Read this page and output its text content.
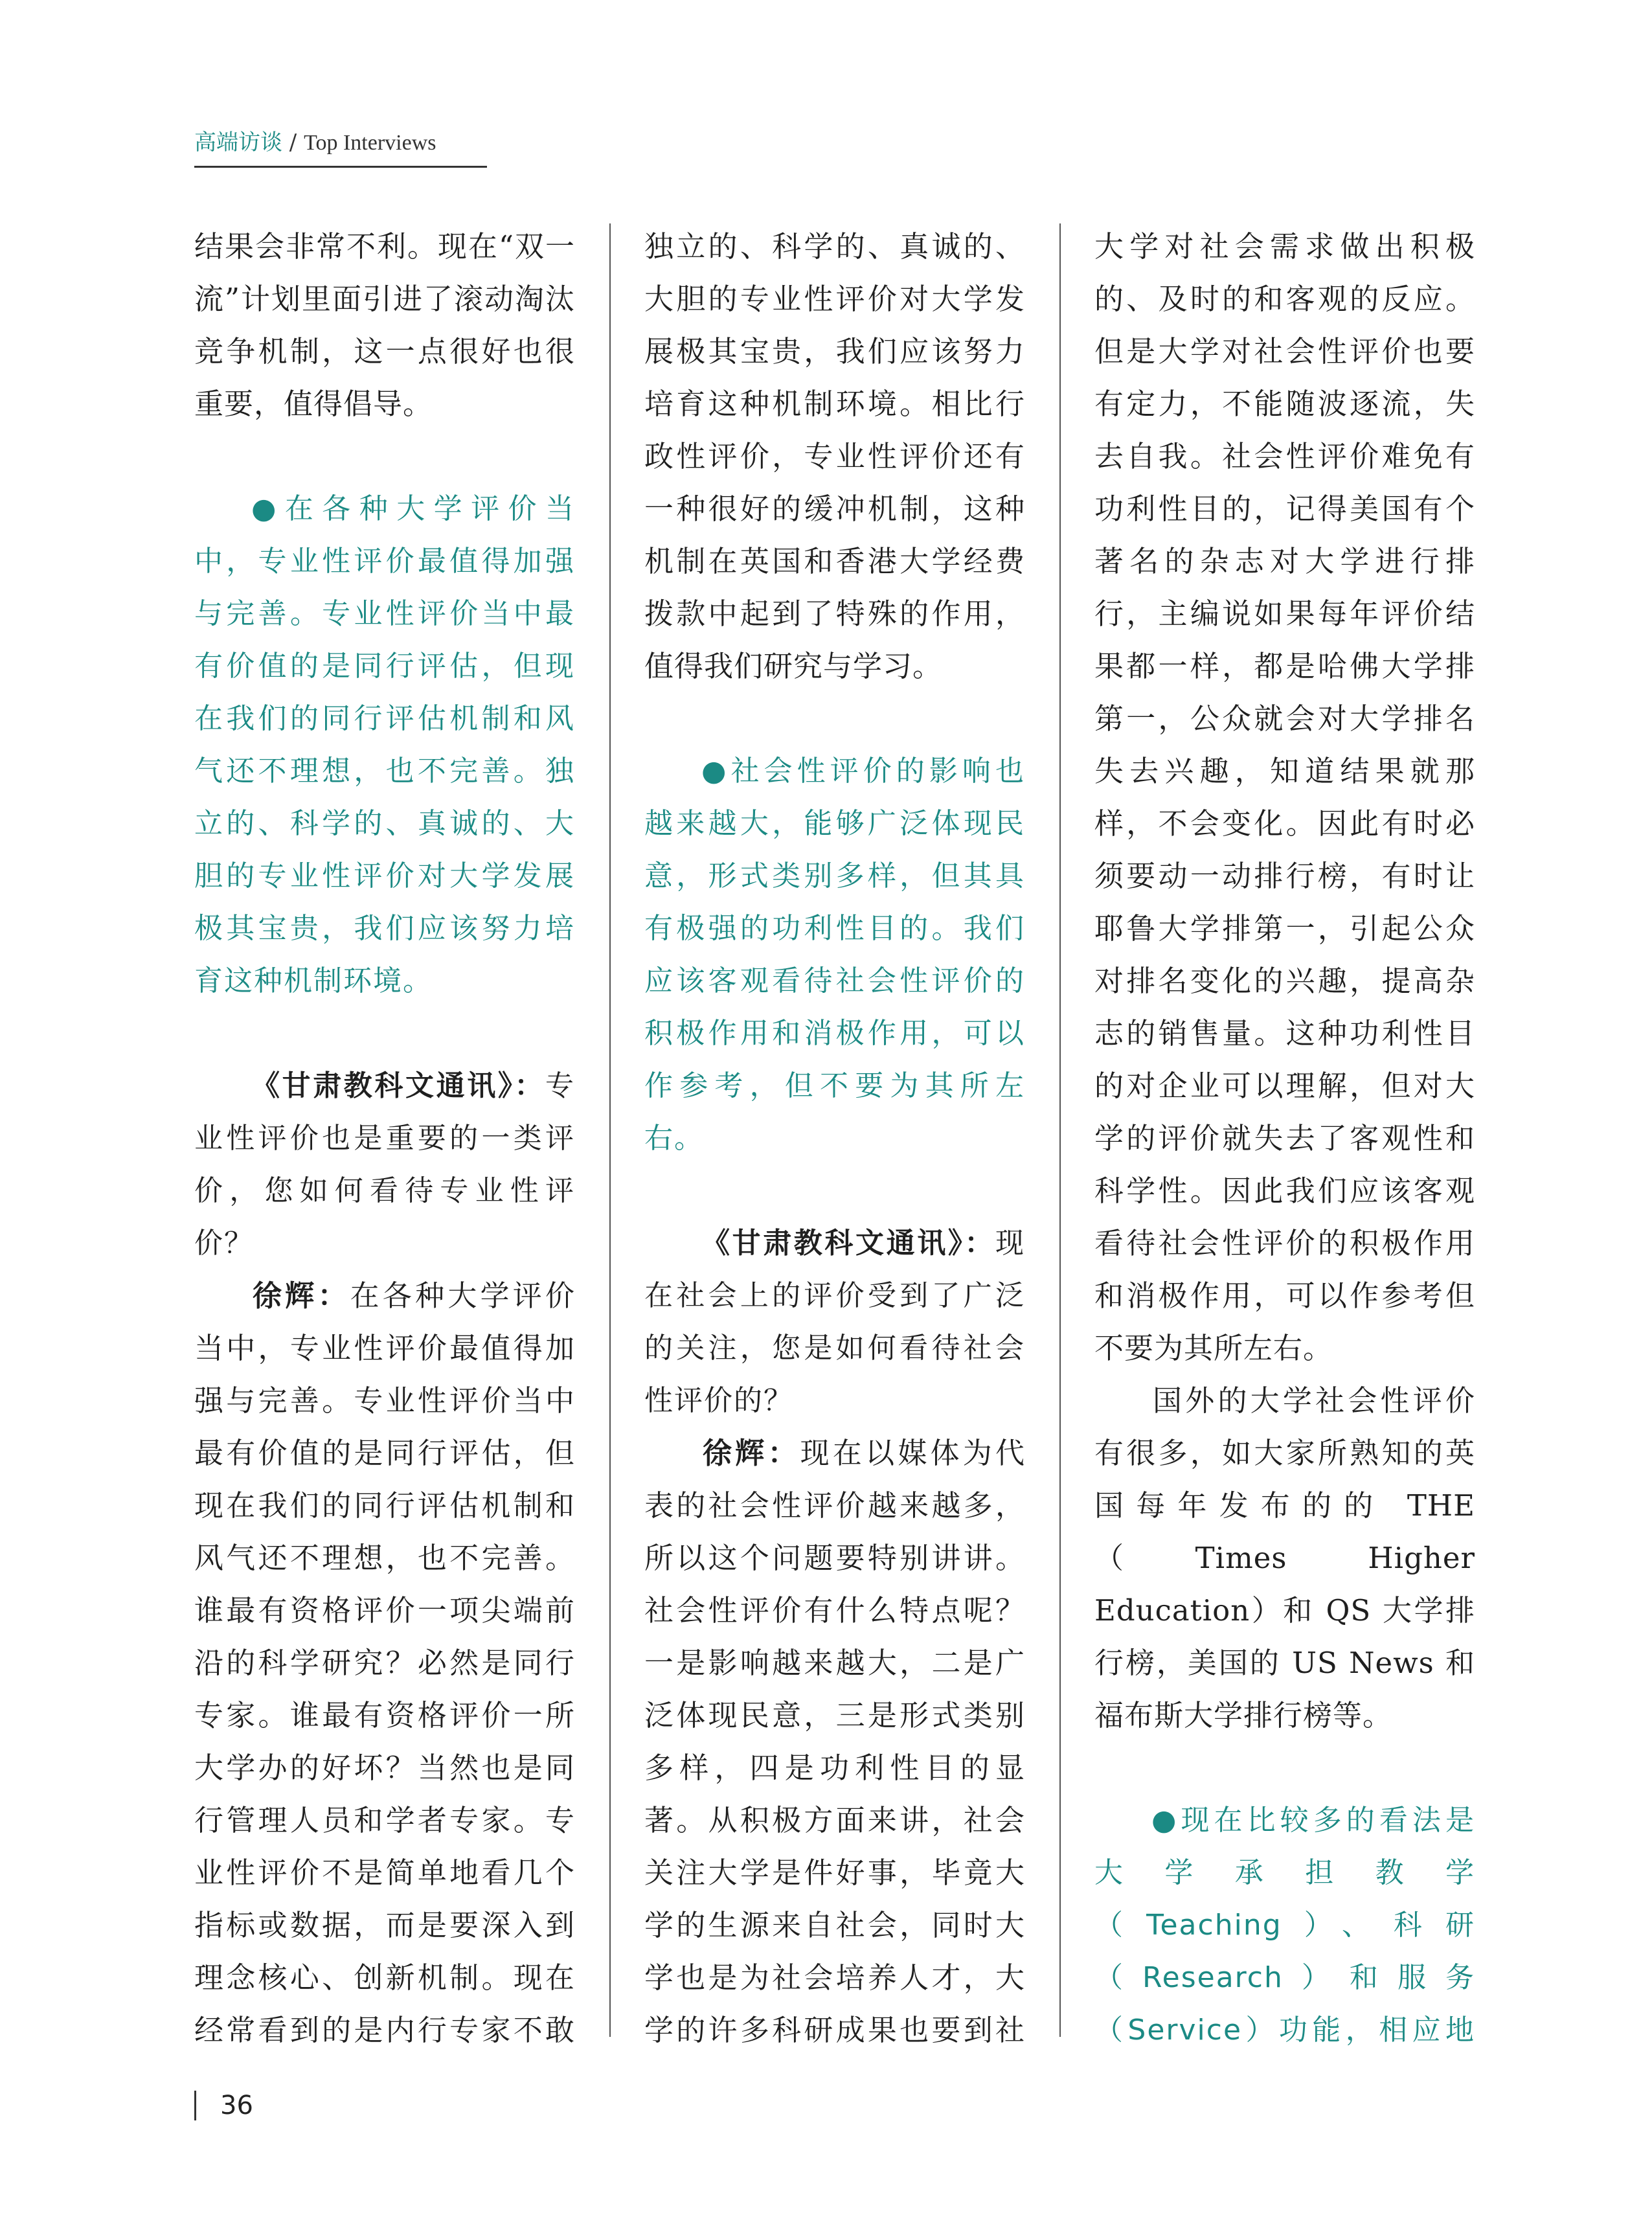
高端访谈 / Top Interviews

结果会非常不利。现在“双一流”计划里面引进了滚动淘汰竞争机制，这一点很好也很重要，值得倡导。

●在各种大学评价当中，专业性评价最值得加强与完善。专业性评价当中最有价值的是同行评估，但现在我们的同行评估机制和风气还不理想，也不完善。独立的、科学的、真诚的、大胆的专业性评价对大学发展极其宝贵，我们应该努力培育这种机制环境。

《甘肃教科文通讯》：专业性评价也是重要的一类评价，您如何看待专业性评价？

徐辉：在各种大学评价当中，专业性评价最值得加强与完善。专业性评价当中最有价值的是同行评估，但现在我们的同行评估机制和风气还不理想，也不完善。谁最有资格评价一项尖端前沿的科学研究？必然是同行专家。谁最有资格评价一所大学办的好坏？当然也是同行管理人员和学者专家。专业性评价不是简单地看几个指标或数据，而是要深入到理念核心、创新机制。现在经常看到的是内行专家不敢

独立的、科学的、真诚的、大胆的专业性评价对大学发展极其宝贵，我们应该努力培育这种机制环境。相比行政性评价，专业性评价还有一种很好的缓冲机制，这种机制在英国和香港大学经费拨款中起到了特殊的作用，值得我们研究与学习。

●社会性评价的影响也越来越大，能够广泛体现民意，形式类别多样，但其具有极强的功利性目的。我们应该客观看待社会性评价的积极作用和消极作用，可以作参考，但不要为其所左右。

《甘肃教科文通讯》：现在社会上的评价受到了广泛的关注，您是如何看待社会性评价的？

徐辉：现在以媒体为代表的社会性评价越来越多，所以这个问题要特别讲讲。社会性评价有什么特点呢？一是影响越来越大，二是广泛体现民意，三是形式类别多样，四是功利性目的显著。从积极方面来讲，社会关注大学是件好事，毕竟大学的生源来自社会，同时大学也是为社会培养人才，大学的许多科研成果也要到社

大学对社会需求做出积极的、及时的和客观的反应。但是大学对社会性评价也要有定力，不能随波逐流，失去自我。社会性评价难免有功利性目的，记得美国有个著名的杂志对大学进行排行，主编说如果每年评价结果都一样，都是哈佛大学排第一，公众就会对大学排名失去兴趣，知道结果就那样，不会变化。因此有时必须要动一动排行榜，有时让耶鲁大学排第一，引起公众对排名变化的兴趣，提高杂志的销售量。这种功利性目的对企业可以理解，但对大学的评价就失去了客观性和科学性。因此我们应该客观看待社会性评价的积极作用和消极作用，可以作参考但不要为其所左右。

国外的大学社会性评价有很多，如大家所熟知的英国每年发布的的 THE（Times Higher Education）和 QS 大学排行榜，美国的 US News 和福布斯大学排行榜等。

●现在比较多的看法是大学承担教学（Teaching）、科研（Research）和服务（Service）功能，相应地

36
